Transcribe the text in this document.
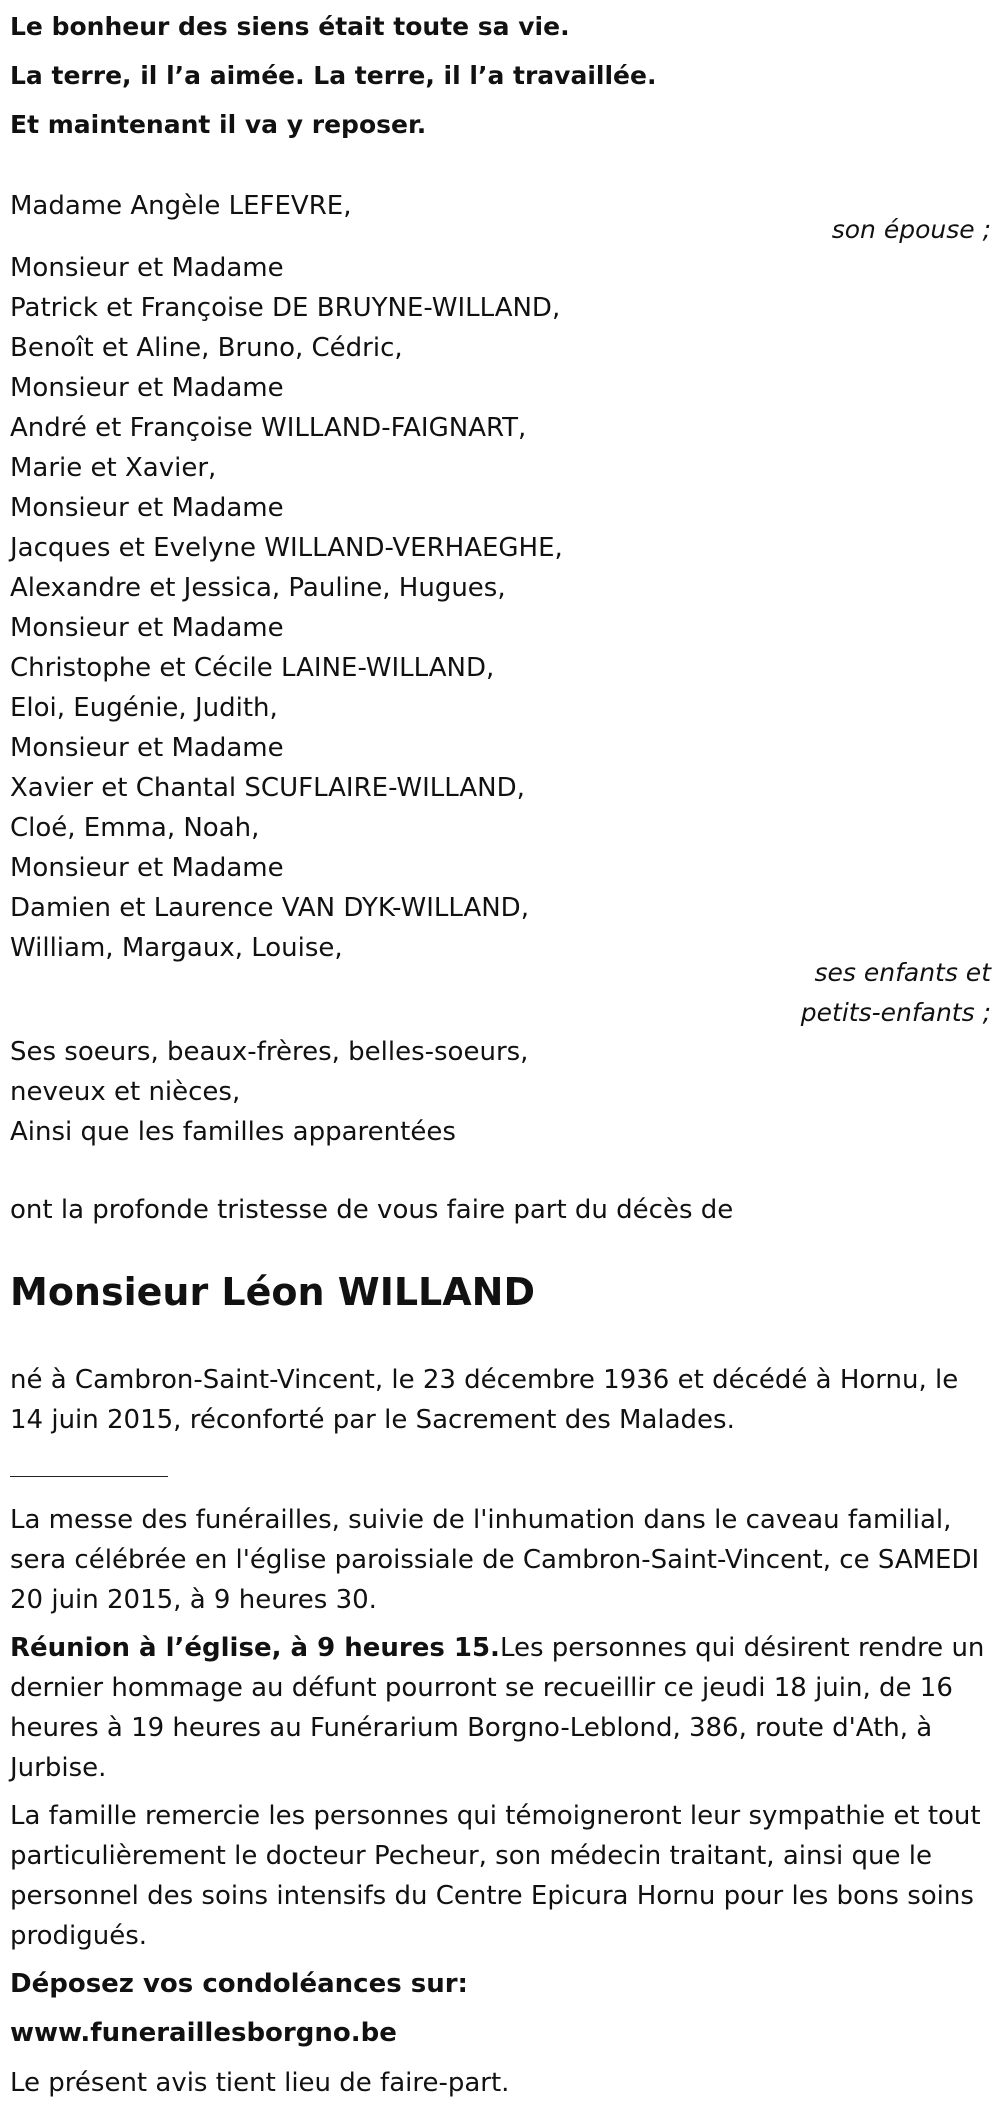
Le bonheur des siens était toute sa vie.

La terre, il l’a aimée. La terre, il l’a travaillée.

Et maintenant il va y reposer.

Madame Angèle LEFEVRE,

son épouse ;

Monsieur et Madame

Patrick et Françoise DE BRUYNE-WILLAND,

Benoît et Aline, Bruno, Cédric,

Monsieur et Madame

André et Françoise WILLAND-FAIGNART,

Marie et Xavier,

Monsieur et Madame

Jacques et Evelyne WILLAND-VERHAEGHE,

Alexandre et Jessica, Pauline, Hugues,

Monsieur et Madame

Christophe et Cécile LAINE-WILLAND,

Eloi, Eugénie, Judith,

Monsieur et Madame

Xavier et Chantal SCUFLAIRE-WILLAND,

Cloé, Emma, Noah,

Monsieur et Madame

Damien et Laurence VAN DYK-WILLAND,

William, Margaux, Louise,

ses enfants et
petits-enfants ;

Ses soeurs, beaux-frères, belles-soeurs,

neveux et nièces,

Ainsi que les familles apparentées

ont la profonde tristesse de vous faire part du décès de

Monsieur Léon WILLAND

né à Cambron-Saint-Vincent, le 23 décembre 1936 et décédé à Hornu, le 14 juin 2015, réconforté par le Sacrement des Malades.

La messe des funérailles, suivie de l'inhumation dans le caveau familial, sera célébrée en l'église paroissiale de Cambron-Saint-Vincent, ce SAMEDI 20 juin 2015, à 9 heures 30.

Réunion à l’église, à 9 heures 15.Les personnes qui désirent rendre un dernier hommage au défunt pourront se recueillir ce jeudi 18 juin, de 16 heures à 19 heures au Funérarium Borgno-Leblond, 386, route d'Ath, à Jurbise.

La famille remercie les personnes qui témoigneront leur sympathie et tout particulièrement le docteur Pecheur, son médecin traitant, ainsi que le personnel des soins intensifs du Centre Epicura Hornu pour les bons soins prodigués.

Déposez vos condoléances sur:

www.funeraillesborgno.be

Le présent avis tient lieu de faire-part.
